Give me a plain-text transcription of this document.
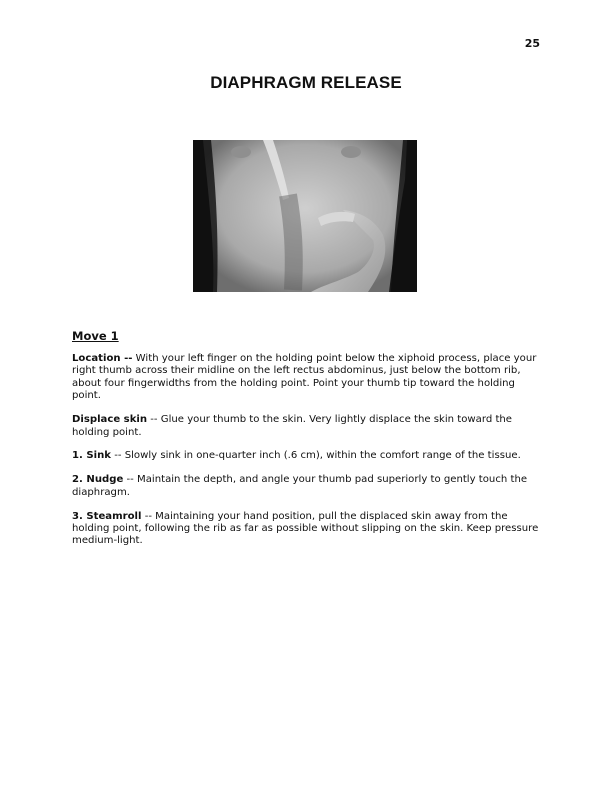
25
DIAPHRAGM RELEASE
Move 1

Location -- With your left finger on the holding point below the xiphoid process, place your right thumb across their midline on the left rectus abdominus, just below the bottom rib, about four fingerwidths from the holding point. Point your thumb tip toward the holding point.

Displace skin -- Glue your thumb to the skin. Very lightly displace the skin toward the holding point.

1. Sink -- Slowly sink in one-quarter inch (.6 cm), within the comfort range of the tissue.

2. Nudge -- Maintain the depth, and angle your thumb pad superiorly to gently touch the diaphragm.

3. Steamroll -- Maintaining your hand position, pull the displaced skin away from the holding point, following the rib as far as possible without slipping on the skin. Keep pressure medium-light.
